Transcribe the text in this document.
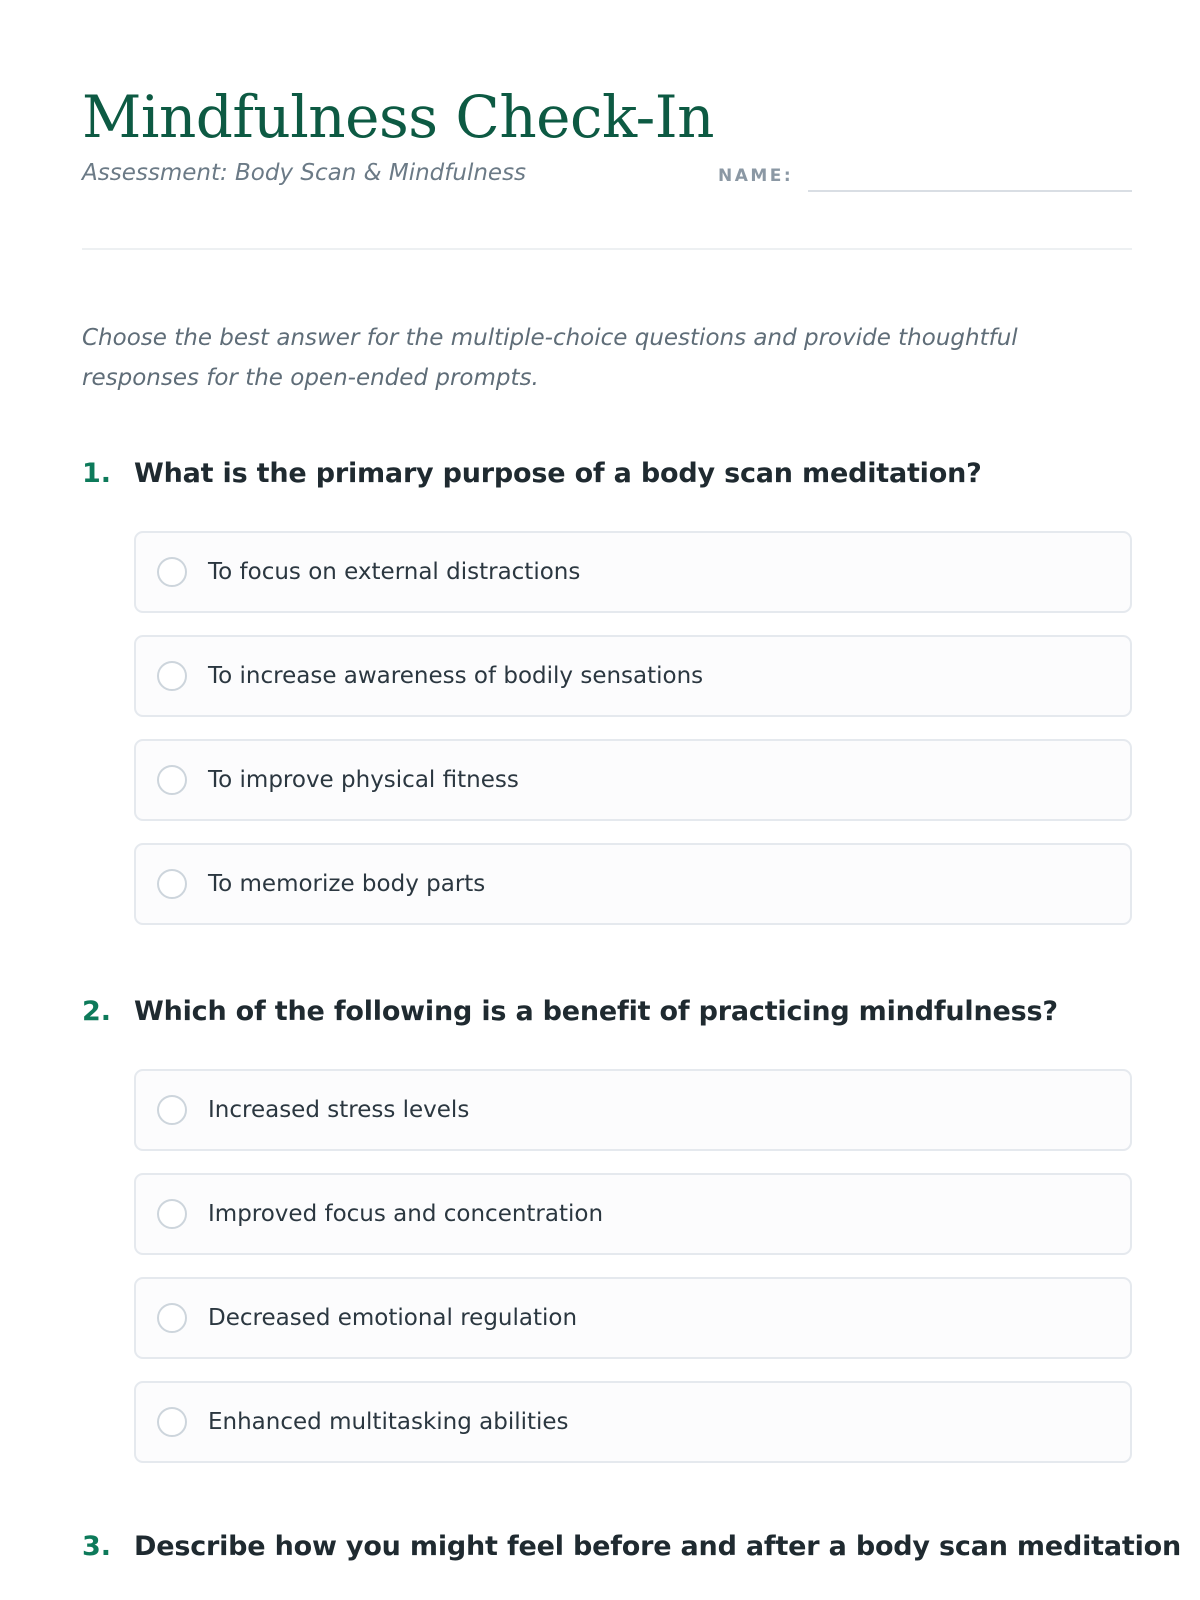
Mindfulness Check-In
Assessment: Body Scan & Mindfulness	NAME:

Choose the best answer for the multiple-choice questions and provide thoughtful responses for the open-ended prompts.

1. What is the primary purpose of a body scan meditation?
To focus on external distractions
To increase awareness of bodily sensations
To improve physical fitness
To memorize body parts
2. Which of the following is a benefit of practicing mindfulness?
Increased stress levels
Improved focus and concentration
Decreased emotional regulation
Enhanced multitasking abilities
3. Describe how you might feel before and after a body scan meditation
